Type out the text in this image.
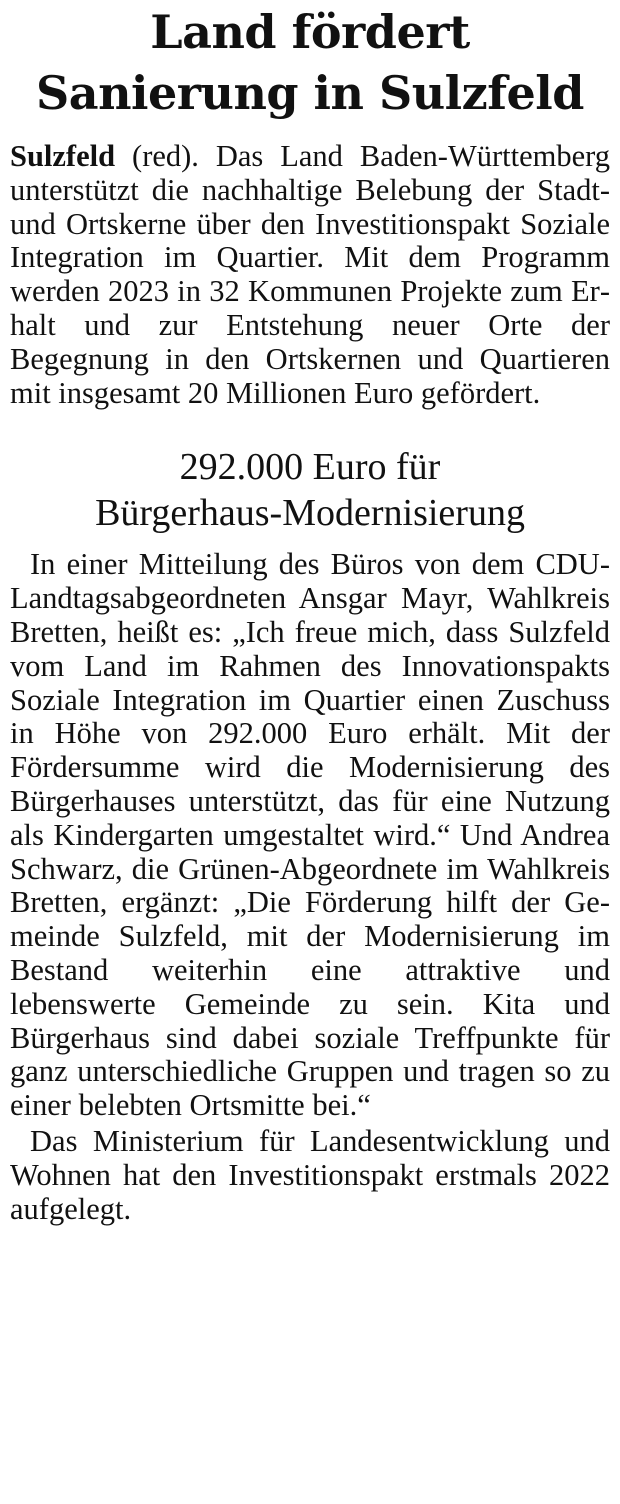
Land fördert
Sanierung in Sulzfeld

Sulzfeld (red). Das Land Baden-Württemberg unterstützt die nachhaltige Belebung der Stadt- und Ortskerne über den Investitionspakt Soziale Integration im Quartier. Mit dem Programm werden 2023 in 32 Kommunen Projekte zum Erhalt und zur Entstehung neuer Orte der Begegnung in den Ortskernen und Quartieren mit insgesamt 20 Millionen Euro gefördert.

292.000 Euro für
Bürgerhaus-Modernisierung

In einer Mitteilung des Büros von dem CDU-Landtagsabgeordneten Ansgar Mayr, Wahlkreis Bretten, heißt es: „Ich freue mich, dass Sulzfeld vom Land im Rahmen des Innovationspakts Soziale Integration im Quartier einen Zuschuss in Höhe von 292.000 Euro erhält. Mit der Fördersumme wird die Modernisierung des Bürgerhauses unterstützt, das für eine Nutzung als Kindergarten umgestaltet wird.“ Und Andrea Schwarz, die Grünen-Abgeordnete im Wahlkreis Bretten, ergänzt: „Die Förderung hilft der Gemeinde Sulzfeld, mit der Modernisierung im Bestand weiterhin eine attraktive und lebenswerte Gemeinde zu sein. Kita und Bürgerhaus sind dabei soziale Treffpunkte für ganz unterschiedliche Gruppen und tragen so zu einer belebten Ortsmitte bei.“

Das Ministerium für Landesentwicklung und Wohnen hat den Investitionspakt erstmals 2022 aufgelegt.
